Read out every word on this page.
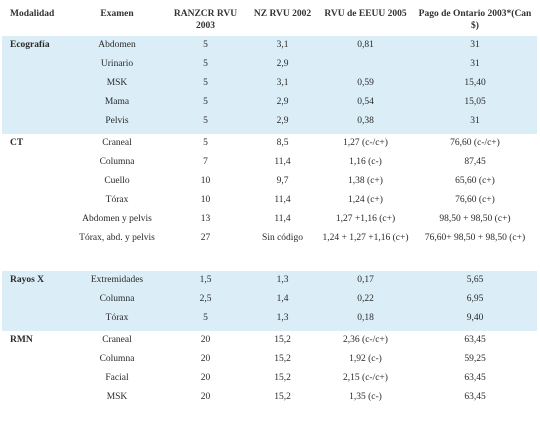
Modalidad	Examen	RANZCR RVU 2003	NZ RVU 2002	RVU de EEUU 2005	Pago de Ontario 2003*(Can $)
Ecografía	Abdomen	5	3,1	0,81	31
	Urinario	5	2,9		31
	MSK	5	3,1	0,59	15,40
	Mama	5	2,9	0,54	15,05
	Pelvis	5	2,9	0,38	31
CT	Craneal	5	8,5	1,27 (c-/c+)	76,60 (c-/c+)
	Columna	7	11,4	1,16 (c-)	87,45
	Cuello	10	9,7	1,38 (c+)	65,60 (c+)
	Tórax	10	11,4	1,24 (c+)	76,60 (c+)
	Abdomen y pelvis	13	11,4	1,27 +1,16 (c+)	98,50 + 98,50 (c+)
	Tórax, abd. y pelvis	27	Sin código	1,24 + 1,27 +1,16 (c+)	76,60+ 98,50 + 98,50 (c+)

Rayos X	Extremidades	1,5	1,3	0,17	5,65
	Columna	2,5	1,4	0,22	6,95
	Tórax	5	1,3	0,18	9,40
RMN	Craneal	20	15,2	2,36 (c-/c+)	63,45
	Columna	20	15,2	1,92 (c-)	59,25
	Facial	20	15,2	2,15 (c-/c+)	63,45
	MSK	20	15,2	1,35 (c-)	63,45
